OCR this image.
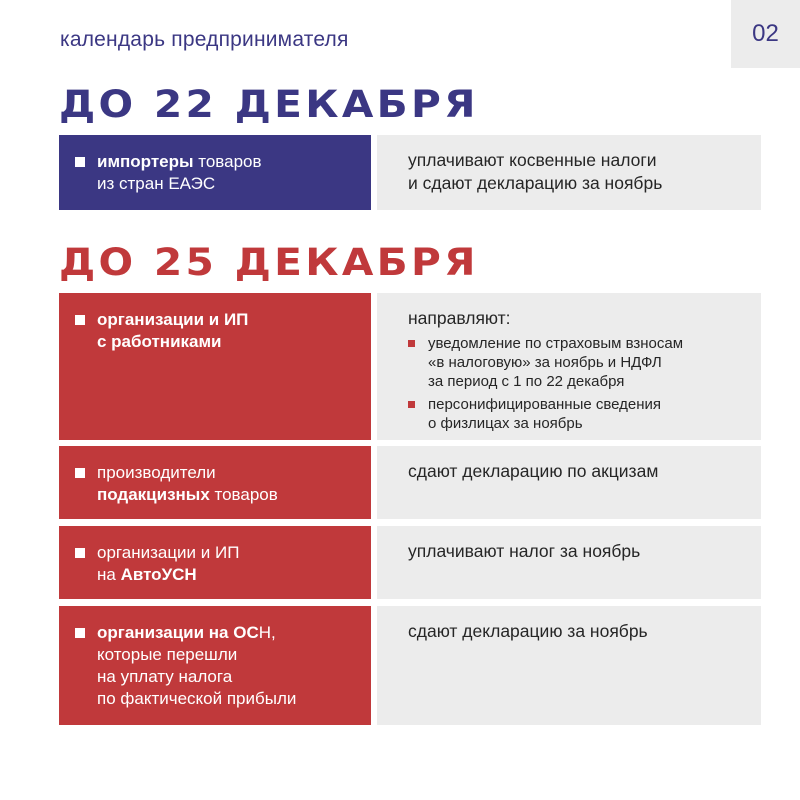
календарь предпринимателя	02
ДО 22 ДЕКАБРЯ
импортеры товаров
из стран ЕАЭС
уплачивают косвенные налоги
и сдают декларацию за ноябрь
ДО 25 ДЕКАБРЯ
организации и ИП
с работниками
направляют:
уведомление по страховым взносам
«в налоговую» за ноябрь и НДФЛ
за период с 1 по 22 декабря
персонифицированные сведения
о физлицах за ноябрь
производители
подакцизных товаров
сдают декларацию по акцизам
организации и ИП
на АвтоУСН
уплачивают налог за ноябрь
организации на ОСН,
которые перешли
на уплату налога
по фактической прибыли
сдают декларацию за ноябрь
